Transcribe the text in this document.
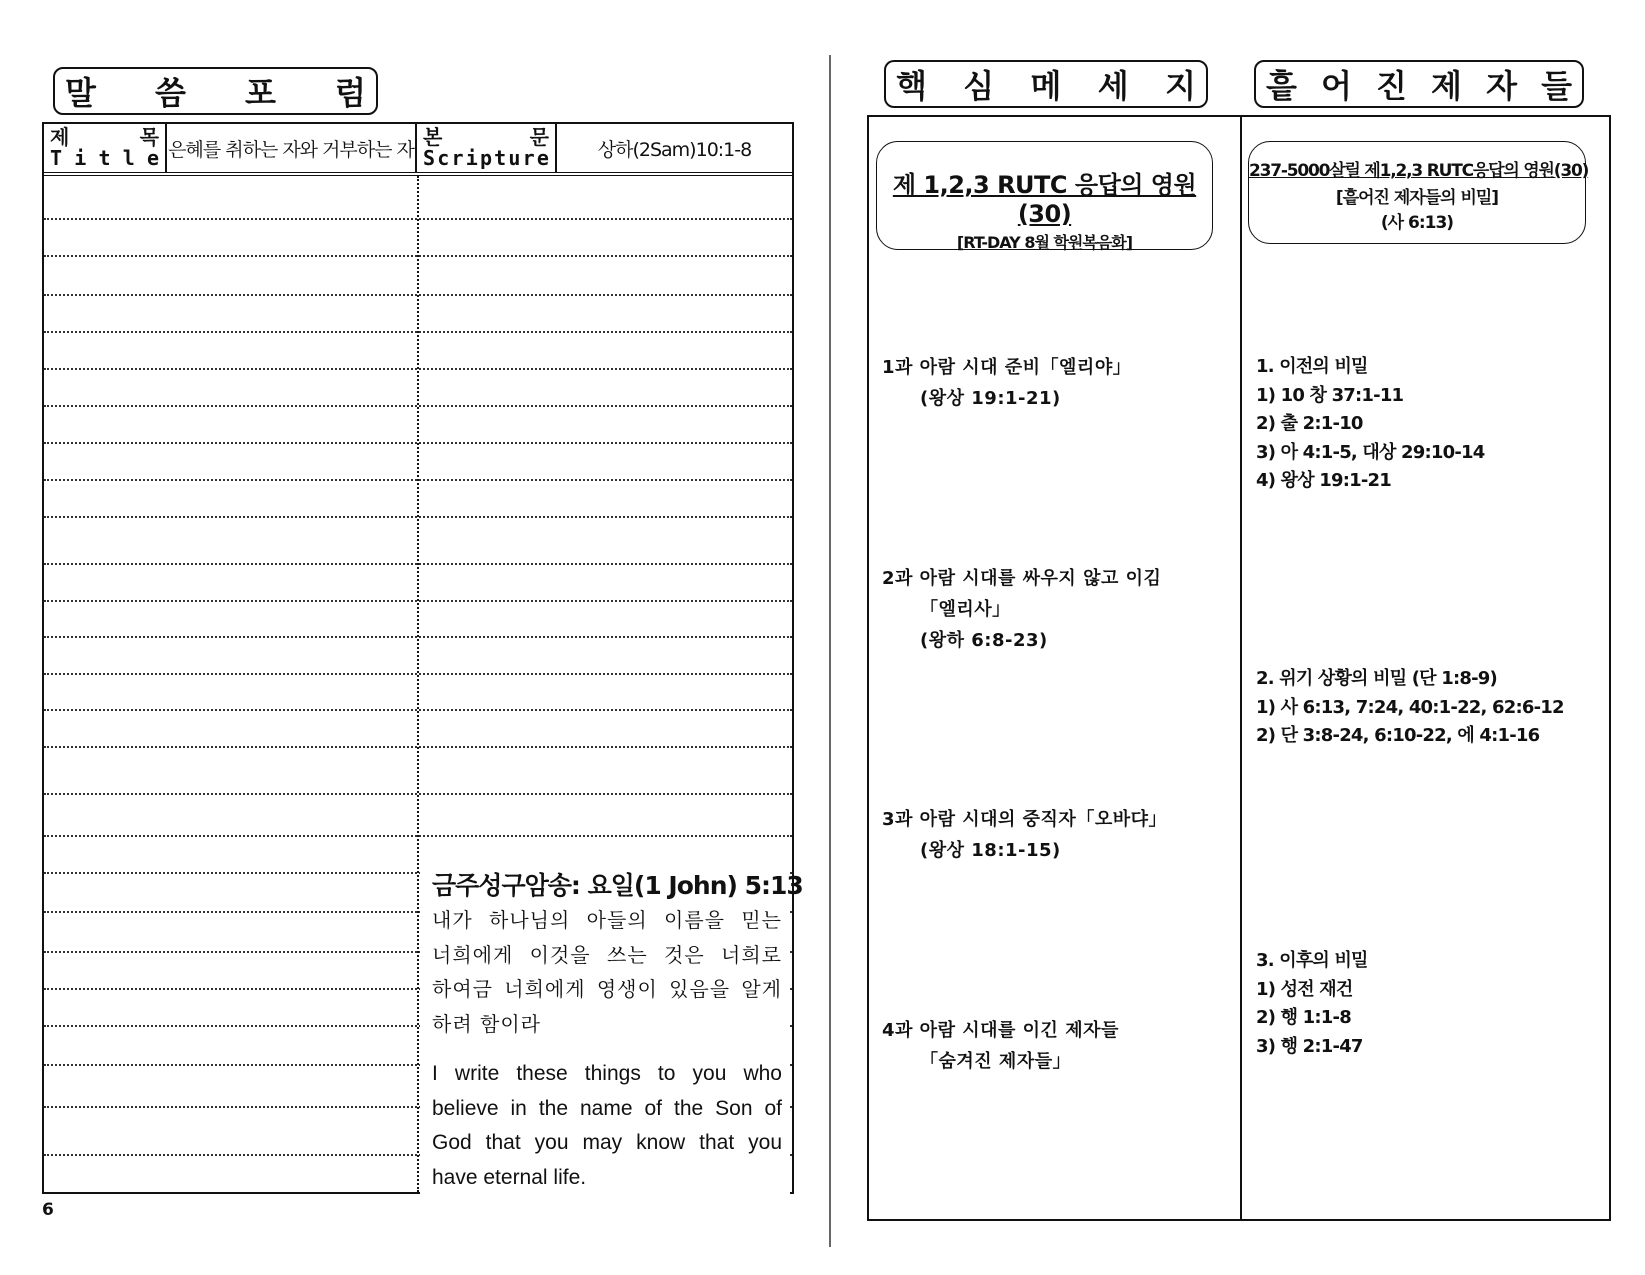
말 씀 포 럼
제	목
T i t l e 은혜를 취하는 자와 거부하는 자
본	문
S c r i p t u r e	상하(2Sam)10:1-8
금주성구암송: 요일(1 John) 5:13
내가 하나님의 아들의 이름을 믿는
너희에게 이것을 쓰는 것은 너희로
하여금 너희에게 영생이 있음을 알게
하려 함이라
I write these things to you who believe in the name of the Son of God that you may know that you have eternal life.
6
핵 심 메 세 지 흩 어 진 제 자 들
제 1,2,3 RUTC 응답의 영원 (30)
[RT-DAY 8월 학원복음화]
237-5000살릴 제1,2,3 RUTC응답의 영원(30)
[흩어진 제자들의 비밀]
(사 6:13)
1과 아람 시대 준비「엘리야」
(왕상 19:1-21)
2과 아람 시대를 싸우지 않고 이김
「엘리사」
(왕하 6:8-23)
3과 아람 시대의 중직자「오바댜」
(왕상 18:1-15)
4과 아람 시대를 이긴 제자들
「숨겨진 제자들」
1. 이전의 비밀
1) 10 창 37:1-11
2) 출 2:1-10
3) 아 4:1-5, 대상 29:10-14
4) 왕상 19:1-21
2. 위기 상황의 비밀 (단 1:8-9)
1) 사 6:13, 7:24, 40:1-22, 62:6-12
2) 단 3:8-24, 6:10-22, 에 4:1-16
3. 이후의 비밀
1) 성전 재건
2) 행 1:1-8
3) 행 2:1-47
